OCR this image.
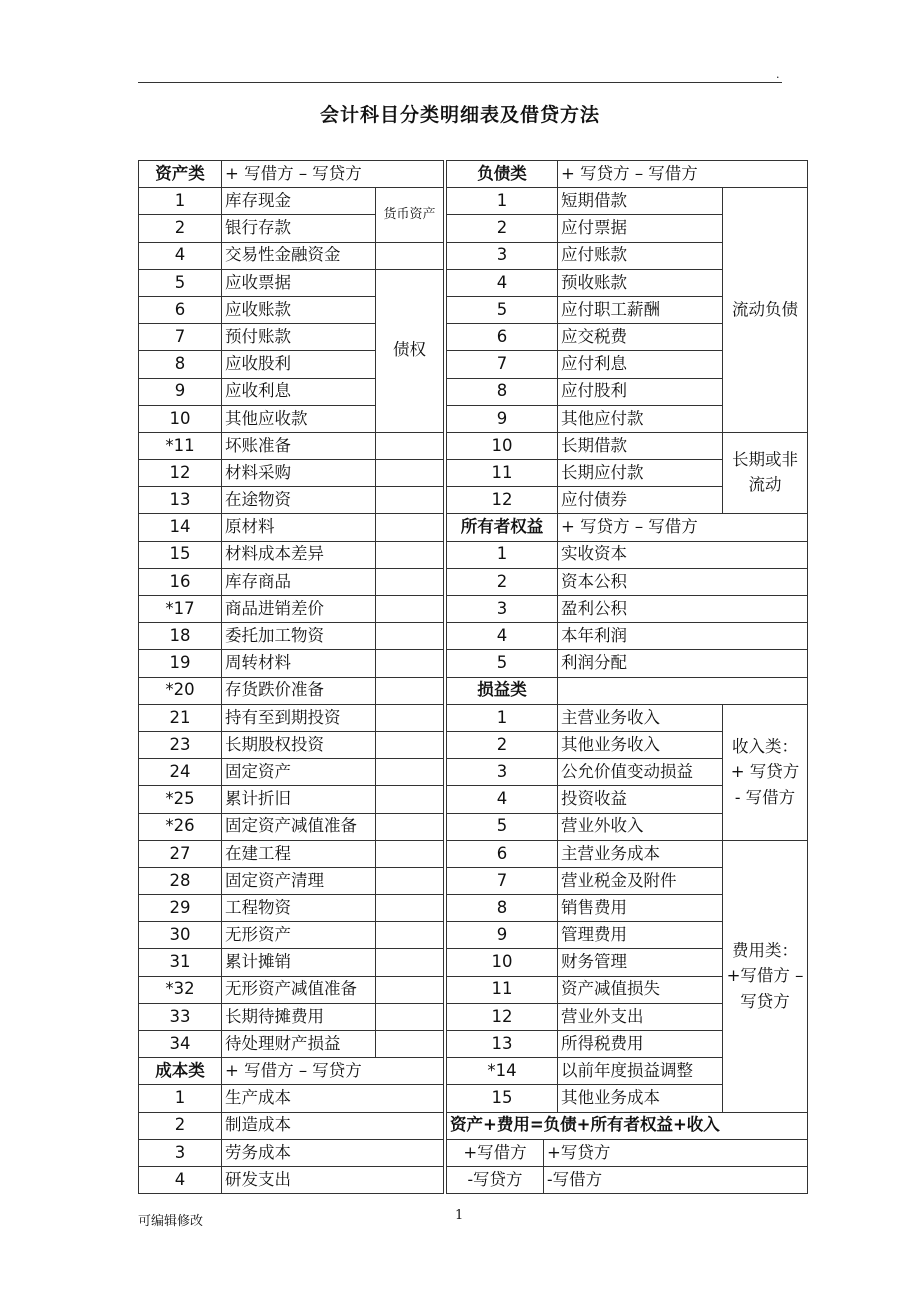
.
会计科目分类明细表及借贷方法
资产类	+ 写借方 – 写贷方	
1	库存现金	货币资产
2	银行存款	
4	交易性金融资金	
5	应收票据	债权
6	应收账款	
7	预付账款	
8	应收股利	
9	应收利息	
10	其他应收款	
*11	坏账准备	
12	材料采购	
13	在途物资	
14	原材料	
15	材料成本差异	
16	库存商品	
*17	商品进销差价	
18	委托加工物资	
19	周转材料	
*20	存货跌价准备	
21	持有至到期投资	
23	长期股权投资	
24	固定资产	
*25	累计折旧	
*26	固定资产减值准备	
27	在建工程	
28	固定资产清理	
29	工程物资	
30	无形资产	
31	累计摊销	
*32	无形资产减值准备	
33	长期待摊费用	
34	待处理财产损益	
成本类	+ 写借方 – 写贷方	
1	生产成本	
2	制造成本	
3	劳务成本	
4	研发支出	
负债类	+ 写贷方 – 写借方	
1	短期借款	流动负债
2	应付票据	
3	应付账款	
4	预收账款	
5	应付职工薪酬	
6	应交税费	
7	应付利息	
8	应付股利	
9	其他应付款	
10	长期借款	长期或非流动
11	长期应付款	
12	应付债券	
所有者权益	+ 写贷方 – 写借方	
1	实收资本	
2	资本公积	
3	盈利公积	
4	本年利润	
5	利润分配	
损益类		
1	主营业务收入	收入类：+ 写贷方 - 写借方
2	其他业务收入	
3	公允价值变动损益	
4	投资收益	
5	营业外收入	
6	主营业务成本	费用类：+写借方 – 写贷方
7	营业税金及附件	
8	销售费用	
9	管理费用	
10	财务管理	
11	资产减值损失	
12	营业外支出	
13	所得税费用	
*14	以前年度损益调整	
15	其他业务成本	
资产+费用=负债+所有者权益+收入		

+写借方 +写贷方		

-写贷方 -写借方		
可编辑修改	1
